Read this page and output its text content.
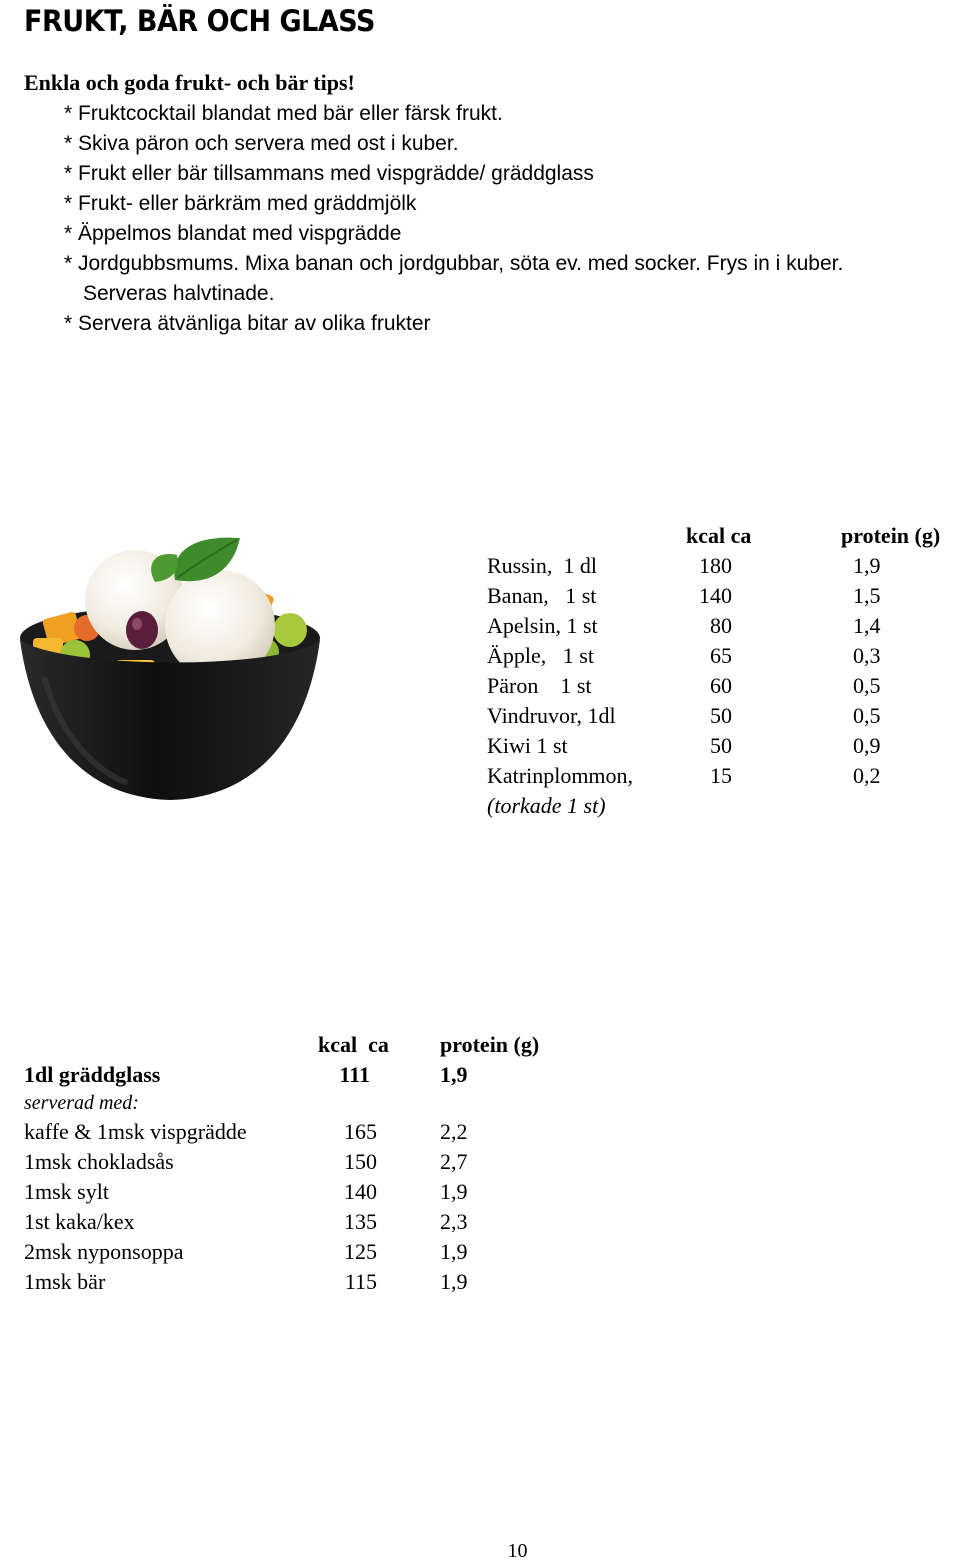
FRUKT, BÄR OCH GLASS
Enkla och goda frukt- och bär tips!
* Fruktcocktail blandat med bär eller färsk frukt.
* Skiva päron och servera med ost i kuber.
* Frukt eller bär tillsammans med vispgrädde/ gräddglass
* Frukt- eller bärkräm med gräddmjölk
* Äppelmos blandat med vispgrädde
* Jordgubbsmums. Mixa banan och jordgubbar, söta ev. med socker. Frys in i kuber.
Serveras halvtinade.
* Servera ätvänliga bitar av olika frukter
kcal ca	protein (g)
Russin,  1 dl	180	1,9
Banan,   1 st	140	1,5
Apelsin, 1 st	80	1,4
Äpple,   1 st	65	0,3
Päron    1 st	60	0,5
Vindruvor, 1dl	50	0,5
Kiwi 1 st	50	0,9
Katrinplommon,	15	0,2
(torkade 1 st)
kcal  ca protein (g)
1dl gräddglass	111	1,9
serverad med:
kaffe & 1msk vispgrädde	165	2,2
1msk chokladsås	150	2,7
1msk sylt	140	1,9
1st kaka/kex	135	2,3
2msk nyponsoppa	125	1,9
1msk bär	115	1,9
10
